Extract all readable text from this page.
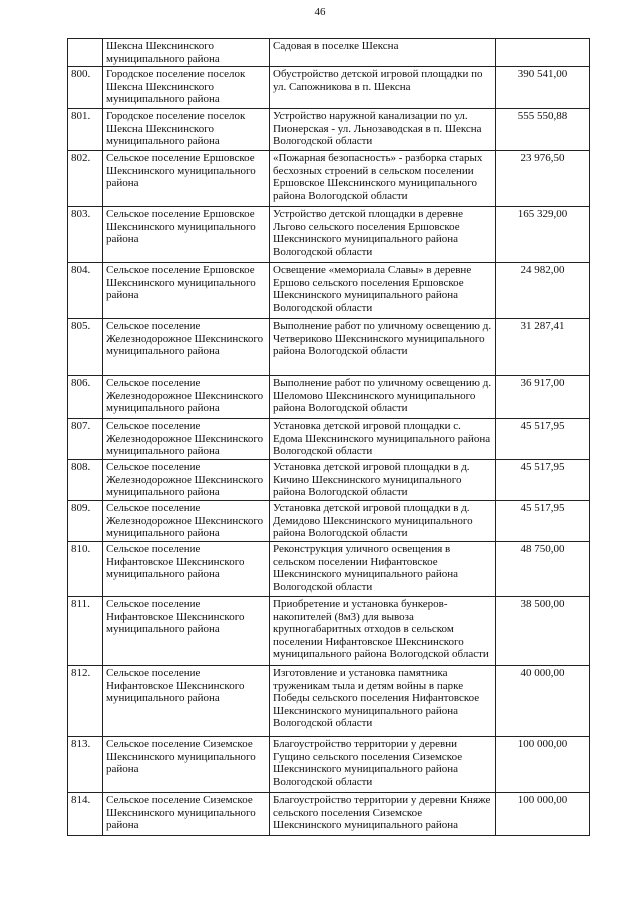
46
	Шексна Шекснинского муниципального района	Садовая в поселке Шексна	
800.	Городское поселение поселок Шексна Шекснинского муниципального района	Обустройство детской игровой площадки по ул. Сапожникова в п. Шексна	390 541,00
801.	Городское поселение поселок Шексна Шекснинского муниципального района	Устройство наружной канализации по ул. Пионерская - ул. Льнозаводская в п. Шексна Вологодской области	555 550,88
802.	Сельское поселение Ершовское Шекснинского муниципального района	«Пожарная безопасность» - разборка старых бесхозных строений в сельском поселении Ершовское Шекснинского муниципального района Вологодской области	23 976,50
803.	Сельское поселение Ершовское Шекснинского муниципального района	Устройство детской площадки в деревне Льгово сельского поселения Ершовское Шекснинского муниципального района Вологодской области	165 329,00
804.	Сельское поселение Ершовское Шекснинского муниципального района	Освещение «мемориала Славы» в деревне Ершово сельского поселения Ершовское Шекснинского муниципального района Вологодской области	24 982,00
805.	Сельское поселение Железнодорожное Шекснинского муниципального района	Выполнение работ по уличному освещению д. Четвериково Шекснинского муниципального района Вологодской области	31 287,41
806.	Сельское поселение Железнодорожное Шекснинского муниципального района	Выполнение работ по уличному освещению д. Шеломово Шекснинского муниципального района Вологодской области	36 917,00
807.	Сельское поселение Железнодорожное Шекснинского муниципального района	Установка детской игровой площадки с. Едома Шекснинского муниципального района Вологодской области	45 517,95
808.	Сельское поселение Железнодорожное Шекснинского муниципального района	Установка детской игровой площадки в д. Кичино Шекснинского муниципального района Вологодской области	45 517,95
809.	Сельское поселение Железнодорожное Шекснинского муниципального района	Установка детской игровой площадки в д. Демидово Шекснинского муниципального района Вологодской области	45 517,95
810.	Сельское поселение Нифантовское Шекснинского муниципального района	Реконструкция уличного освещения в сельском поселении Нифантовское Шекснинского муниципального района Вологодской области	48 750,00
811.	Сельское поселение Нифантовское Шекснинского муниципального района	Приобретение и установка бункеров-накопителей (8м3) для вывоза крупногабаритных отходов в сельском поселении Нифантовское Шекснинского муниципального района Вологодской области	38 500,00
812.	Сельское поселение Нифантовское Шекснинского муниципального района	Изготовление и установка памятника труженикам тыла и детям войны в парке Победы сельского поселения Нифантовское Шекснинского муниципального района Вологодской области	40 000,00
813.	Сельское поселение Сиземское Шекснинского муниципального района	Благоустройство территории у деревни Гущино сельского поселения Сиземское Шекснинского муниципального района Вологодской области	100 000,00
814.	Сельское поселение Сиземское Шекснинского муниципального района	Благоустройство территории у деревни Княже сельского поселения Сиземское Шекснинского муниципального района	100 000,00
